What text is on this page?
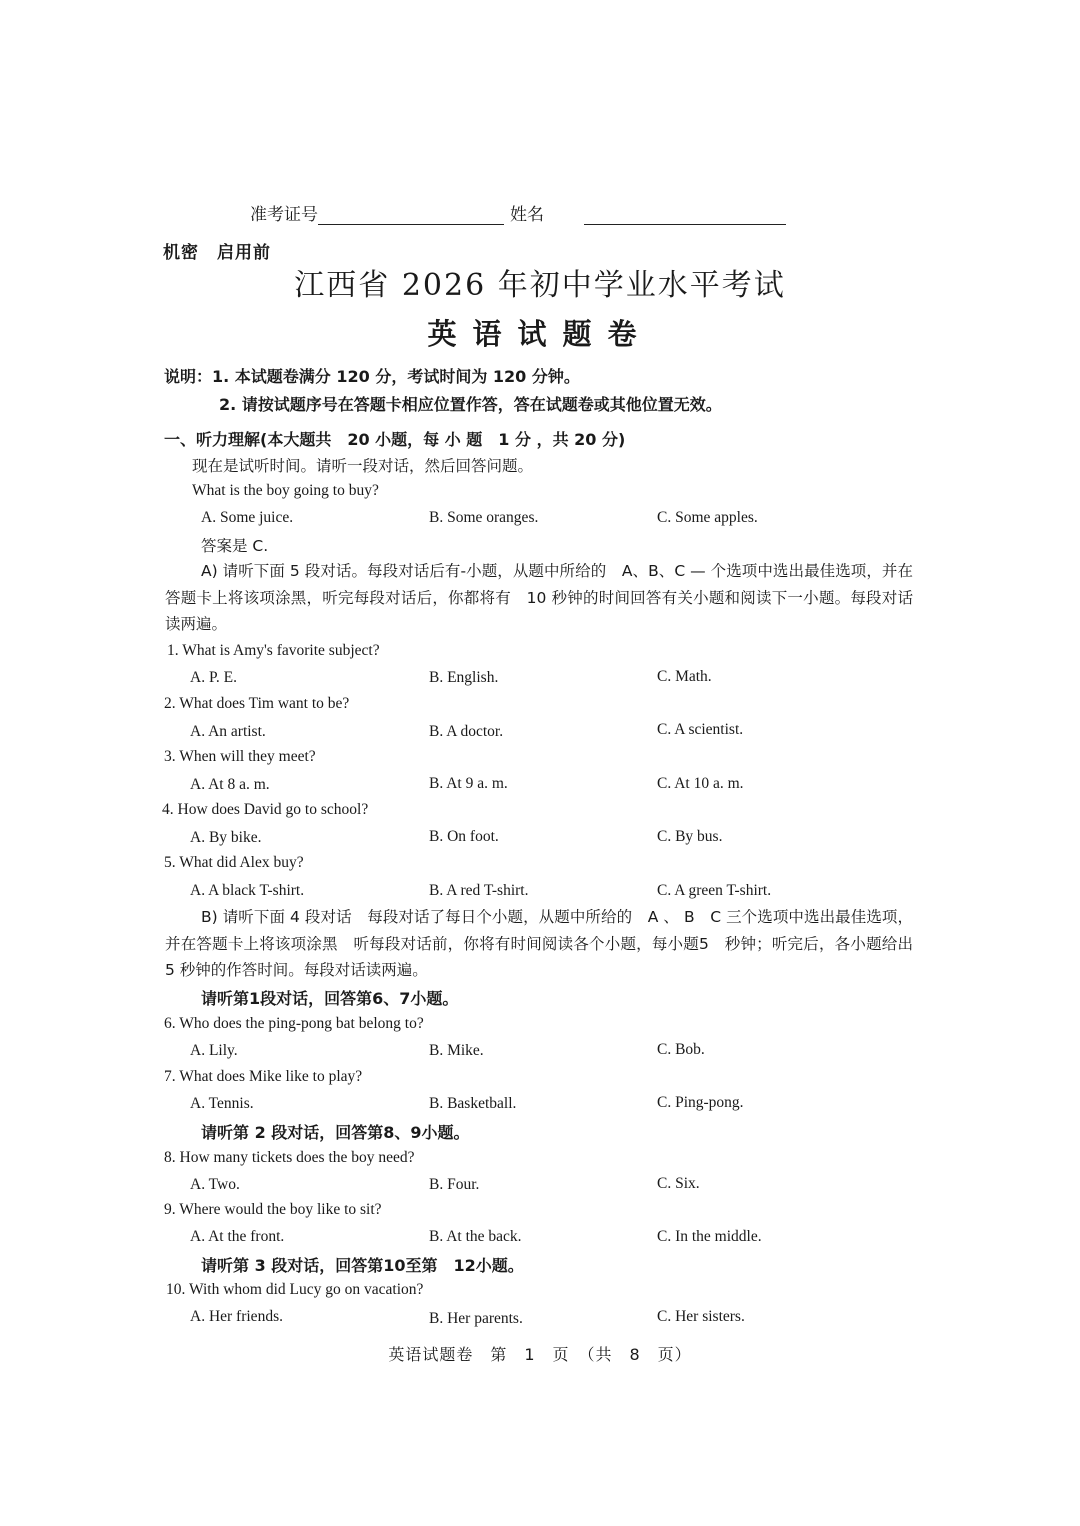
准考证号	姓名
机密　启用前
江西省 2026 年初中学业水平考试
英语试题卷
说明：1. 本试题卷满分 120 分，考试时间为 120 分钟。
2. 请按试题序号在答题卡相应位置作答，答在试题卷或其他位置无效。
一、听力理解(本大题共　20 小题，每 小 题　1 分 ，共 20 分)
现在是试听时间。请听一段对话，然后回答问题。
What is the boy going to buy?
A. Some juice.	B. Some oranges.	C. Some apples.
答案是 C.
A) 请听下面 5 段对话。每段对话后有-小题，从题中所给的　A、B、C — 个选项中选出最佳选项，并在答题卡上将该项涂黑，听完每段对话后，你都将有　10 秒钟的时间回答有关小题和阅读下一小题。每段对话读两遍。
1. What is Amy's favorite subject?
A. P. E.	B. English.	C. Math.
2. What does Tim want to be?
A. An artist.	B. A doctor.	C. A scientist.
3. When will they meet?
A. At 8 a. m.	B. At 9 a. m.	C. At 10 a. m.
4. How does David go to school?
A. By bike.	B. On foot.	C. By bus.
5. What did Alex buy?
A. A black T-shirt.	B. A red T-shirt.	C. A green T-shirt.
B) 请听下面 4 段对话　每段对话了每日个小题，从题中所给的　A 、 B　C 三个选项中选出最佳选项，并在答题卡上将该项涂黑　听每段对话前，你将有时间阅读各个小题，每小题5　秒钟；听完后，各小题给出　5 秒钟的作答时间。每段对话读两遍。
请听第1段对话，回答第6、7小题。
6. Who does the ping-pong bat belong to?
A. Lily.	B. Mike.	C. Bob.
7. What does Mike like to play?
A. Tennis.	B. Basketball.	C. Ping-pong.
请听第 2 段对话，回答第8、9小题。
8. How many tickets does the boy need?
A. Two.	B. Four.	C. Six.
9. Where would the boy like to sit?
A. At the front.	B. At the back.	C. In the middle.
请听第 3 段对话，回答第10至第　12小题。
10. With whom did Lucy go on vacation?
A. Her friends.	B. Her parents.	C. Her sisters.
英语试题卷　第　1　页　（共　8　页）
